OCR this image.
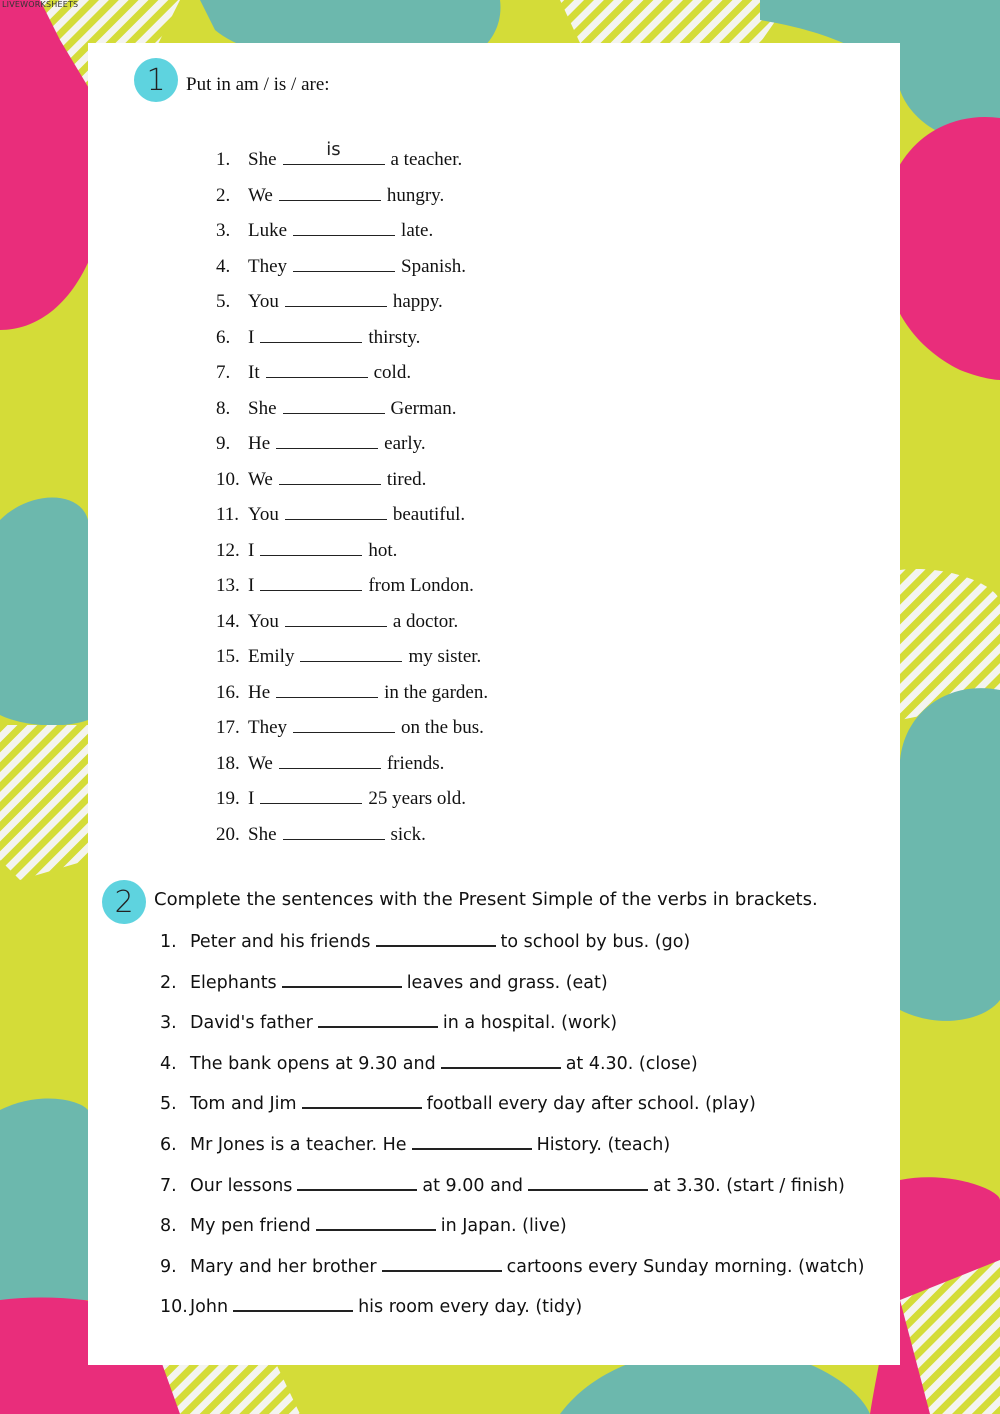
LIVEWORKSHEETS
1	Put in am / is / are:
1. She	is	a teacher.
2. We	hungry.
3. Luke	late.
4. They	Spanish.
5. You	happy.
6. I	thirsty.
7. It	cold.
8. She	German.
9. He	early.
10. We	tired.
11. You	beautiful.
12. I	hot.
13. I	from London.
14. You	a doctor.
15. Emily	my sister.
16. He	in the garden.
17. They	on the bus.
18. We	friends.
19. I	25 years old.
20. She	sick.
2	Complete the sentences with the Present Simple of the verbs in brackets.
1. Peter and his friends	to school by bus. (go)
2. Elephants	leaves and grass. (eat)
3. David's father	in a hospital. (work)
4. The bank opens at 9.30 and	at 4.30. (close)
5. Tom and Jim	football every day after school. (play)
6. Mr Jones is a teacher. He	History. (teach)
7. Our lessons	at 9.00 and	at 3.30. (start / finish)
8. My pen friend	in Japan. (live)
9. Mary and her brother	cartoons every Sunday morning. (watch)
10. John	his room every day. (tidy)
